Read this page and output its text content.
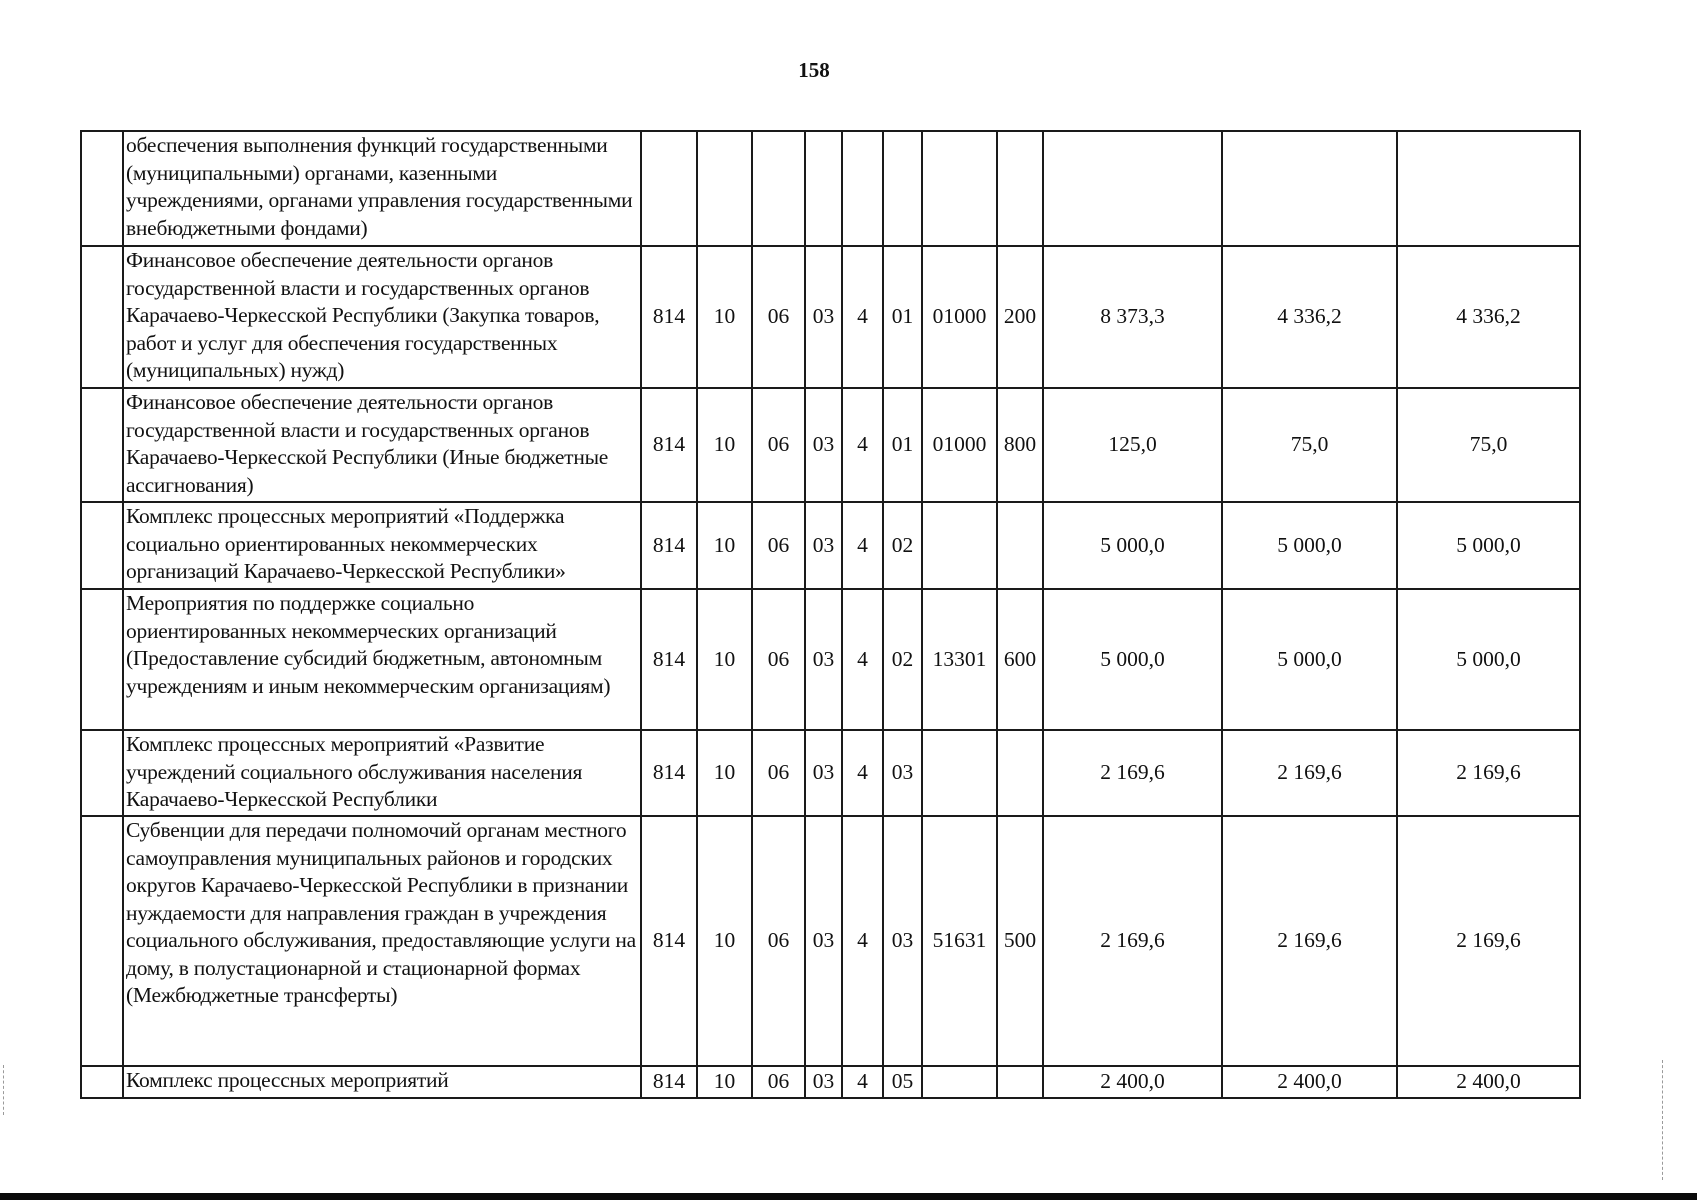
158
	обеспечения выполнения функций государственными (муниципальными) органами, казенными учреждениями, органами управления государственными внебюджетными фондами)											
	Финансовое обеспечение деятельности органов государственной власти и государственных органов Карачаево-Черкесской Республики (Закупка товаров, работ и услуг для обеспечения государственных (муниципальных) нужд)	814	10	06	03	4	01	01000	200	8 373,3	4 336,2	4 336,2
	Финансовое обеспечение деятельности органов государственной власти и государственных органов Карачаево-Черкесской Республики (Иные бюджетные ассигнования)	814	10	06	03	4	01	01000	800	125,0	75,0	75,0
	Комплекс процессных мероприятий «Поддержка социально ориентированных некоммерческих организаций Карачаево-Черкесской Республики»	814	10	06	03	4	02			5 000,0	5 000,0	5 000,0
	Мероприятия по поддержке социально ориентированных некоммерческих организаций (Предоставление субсидий бюджетным, автономным учреждениям и иным некоммерческим организациям)	814	10	06	03	4	02	13301	600	5 000,0	5 000,0	5 000,0
	Комплекс процессных мероприятий «Развитие учреждений социального обслуживания населения Карачаево-Черкесской Республики	814	10	06	03	4	03			2 169,6	2 169,6	2 169,6
	Субвенции для передачи полномочий органам местного самоуправления муниципальных районов и городских округов Карачаево-Черкесской Республики в признании нуждаемости для направления граждан в учреждения социального обслуживания, предоставляющие услуги на дому, в полустационарной и стационарной формах (Межбюджетные трансферты)	814	10	06	03	4	03	51631	500	2 169,6	2 169,6	2 169,6
	Комплекс процессных мероприятий	814	10	06	03	4	05			2 400,0	2 400,0	2 400,0
